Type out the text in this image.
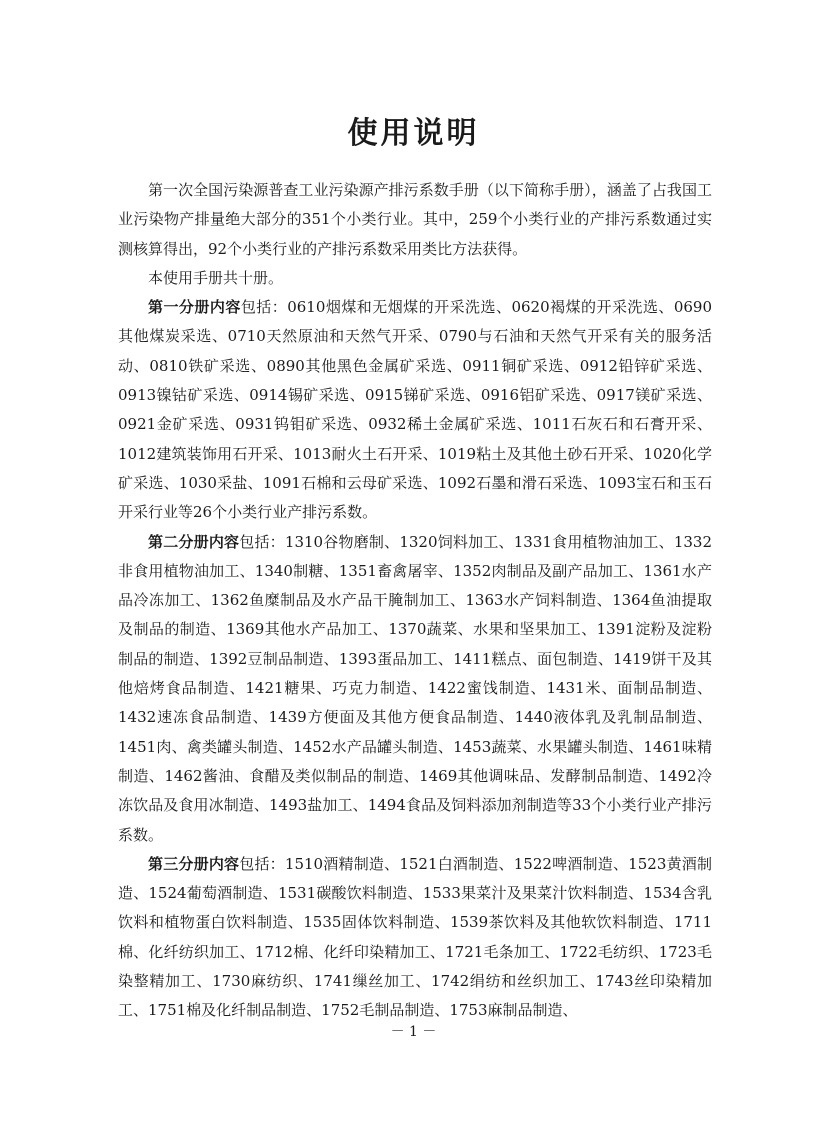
使用说明

第一次全国污染源普查工业污染源产排污系数手册（以下简称手册），涵盖了占我国工业污染物产排量绝大部分的351个小类行业。其中，259个小类行业的产排污系数通过实测核算得出，92个小类行业的产排污系数采用类比方法获得。

本使用手册共十册。

第一分册内容包括：0610烟煤和无烟煤的开采洗选、0620褐煤的开采洗选、0690其他煤炭采选、0710天然原油和天然气开采、0790与石油和天然气开采有关的服务活动、0810铁矿采选、0890其他黑色金属矿采选、0911铜矿采选、0912铅锌矿采选、0913镍钴矿采选、0914锡矿采选、0915锑矿采选、0916铝矿采选、0917镁矿采选、0921金矿采选、0931钨钼矿采选、0932稀土金属矿采选、1011石灰石和石膏开采、1012建筑装饰用石开采、1013耐火土石开采、1019粘土及其他土砂石开采、1020化学矿采选、1030采盐、1091石棉和云母矿采选、1092石墨和滑石采选、1093宝石和玉石开采行业等26个小类行业产排污系数。

第二分册内容包括：1310谷物磨制、1320饲料加工、1331食用植物油加工、1332非食用植物油加工、1340制糖、1351畜禽屠宰、1352肉制品及副产品加工、1361水产品冷冻加工、1362鱼糜制品及水产品干腌制加工、1363水产饲料制造、1364鱼油提取及制品的制造、1369其他水产品加工、1370蔬菜、水果和坚果加工、1391淀粉及淀粉制品的制造、1392豆制品制造、1393蛋品加工、1411糕点、面包制造、1419饼干及其他焙烤食品制造、1421糖果、巧克力制造、1422蜜饯制造、1431米、面制品制造、1432速冻食品制造、1439方便面及其他方便食品制造、1440液体乳及乳制品制造、1451肉、禽类罐头制造、1452水产品罐头制造、1453蔬菜、水果罐头制造、1461味精制造、1462酱油、食醋及类似制品的制造、1469其他调味品、发酵制品制造、1492冷冻饮品及食用冰制造、1493盐加工、1494食品及饲料添加剂制造等33个小类行业产排污系数。

第三分册内容包括：1510酒精制造、1521白酒制造、1522啤酒制造、1523黄酒制造、1524葡萄酒制造、1531碳酸饮料制造、1533果菜汁及果菜汁饮料制造、1534含乳饮料和植物蛋白饮料制造、1535固体饮料制造、1539茶饮料及其他软饮料制造、1711棉、化纤纺织加工、1712棉、化纤印染精加工、1721毛条加工、1722毛纺织、1723毛染整精加工、1730麻纺织、1741缫丝加工、1742绢纺和丝织加工、1743丝印染精加工、1751棉及化纤制品制造、1752毛制品制造、1753麻制品制造、

－ 1 －
